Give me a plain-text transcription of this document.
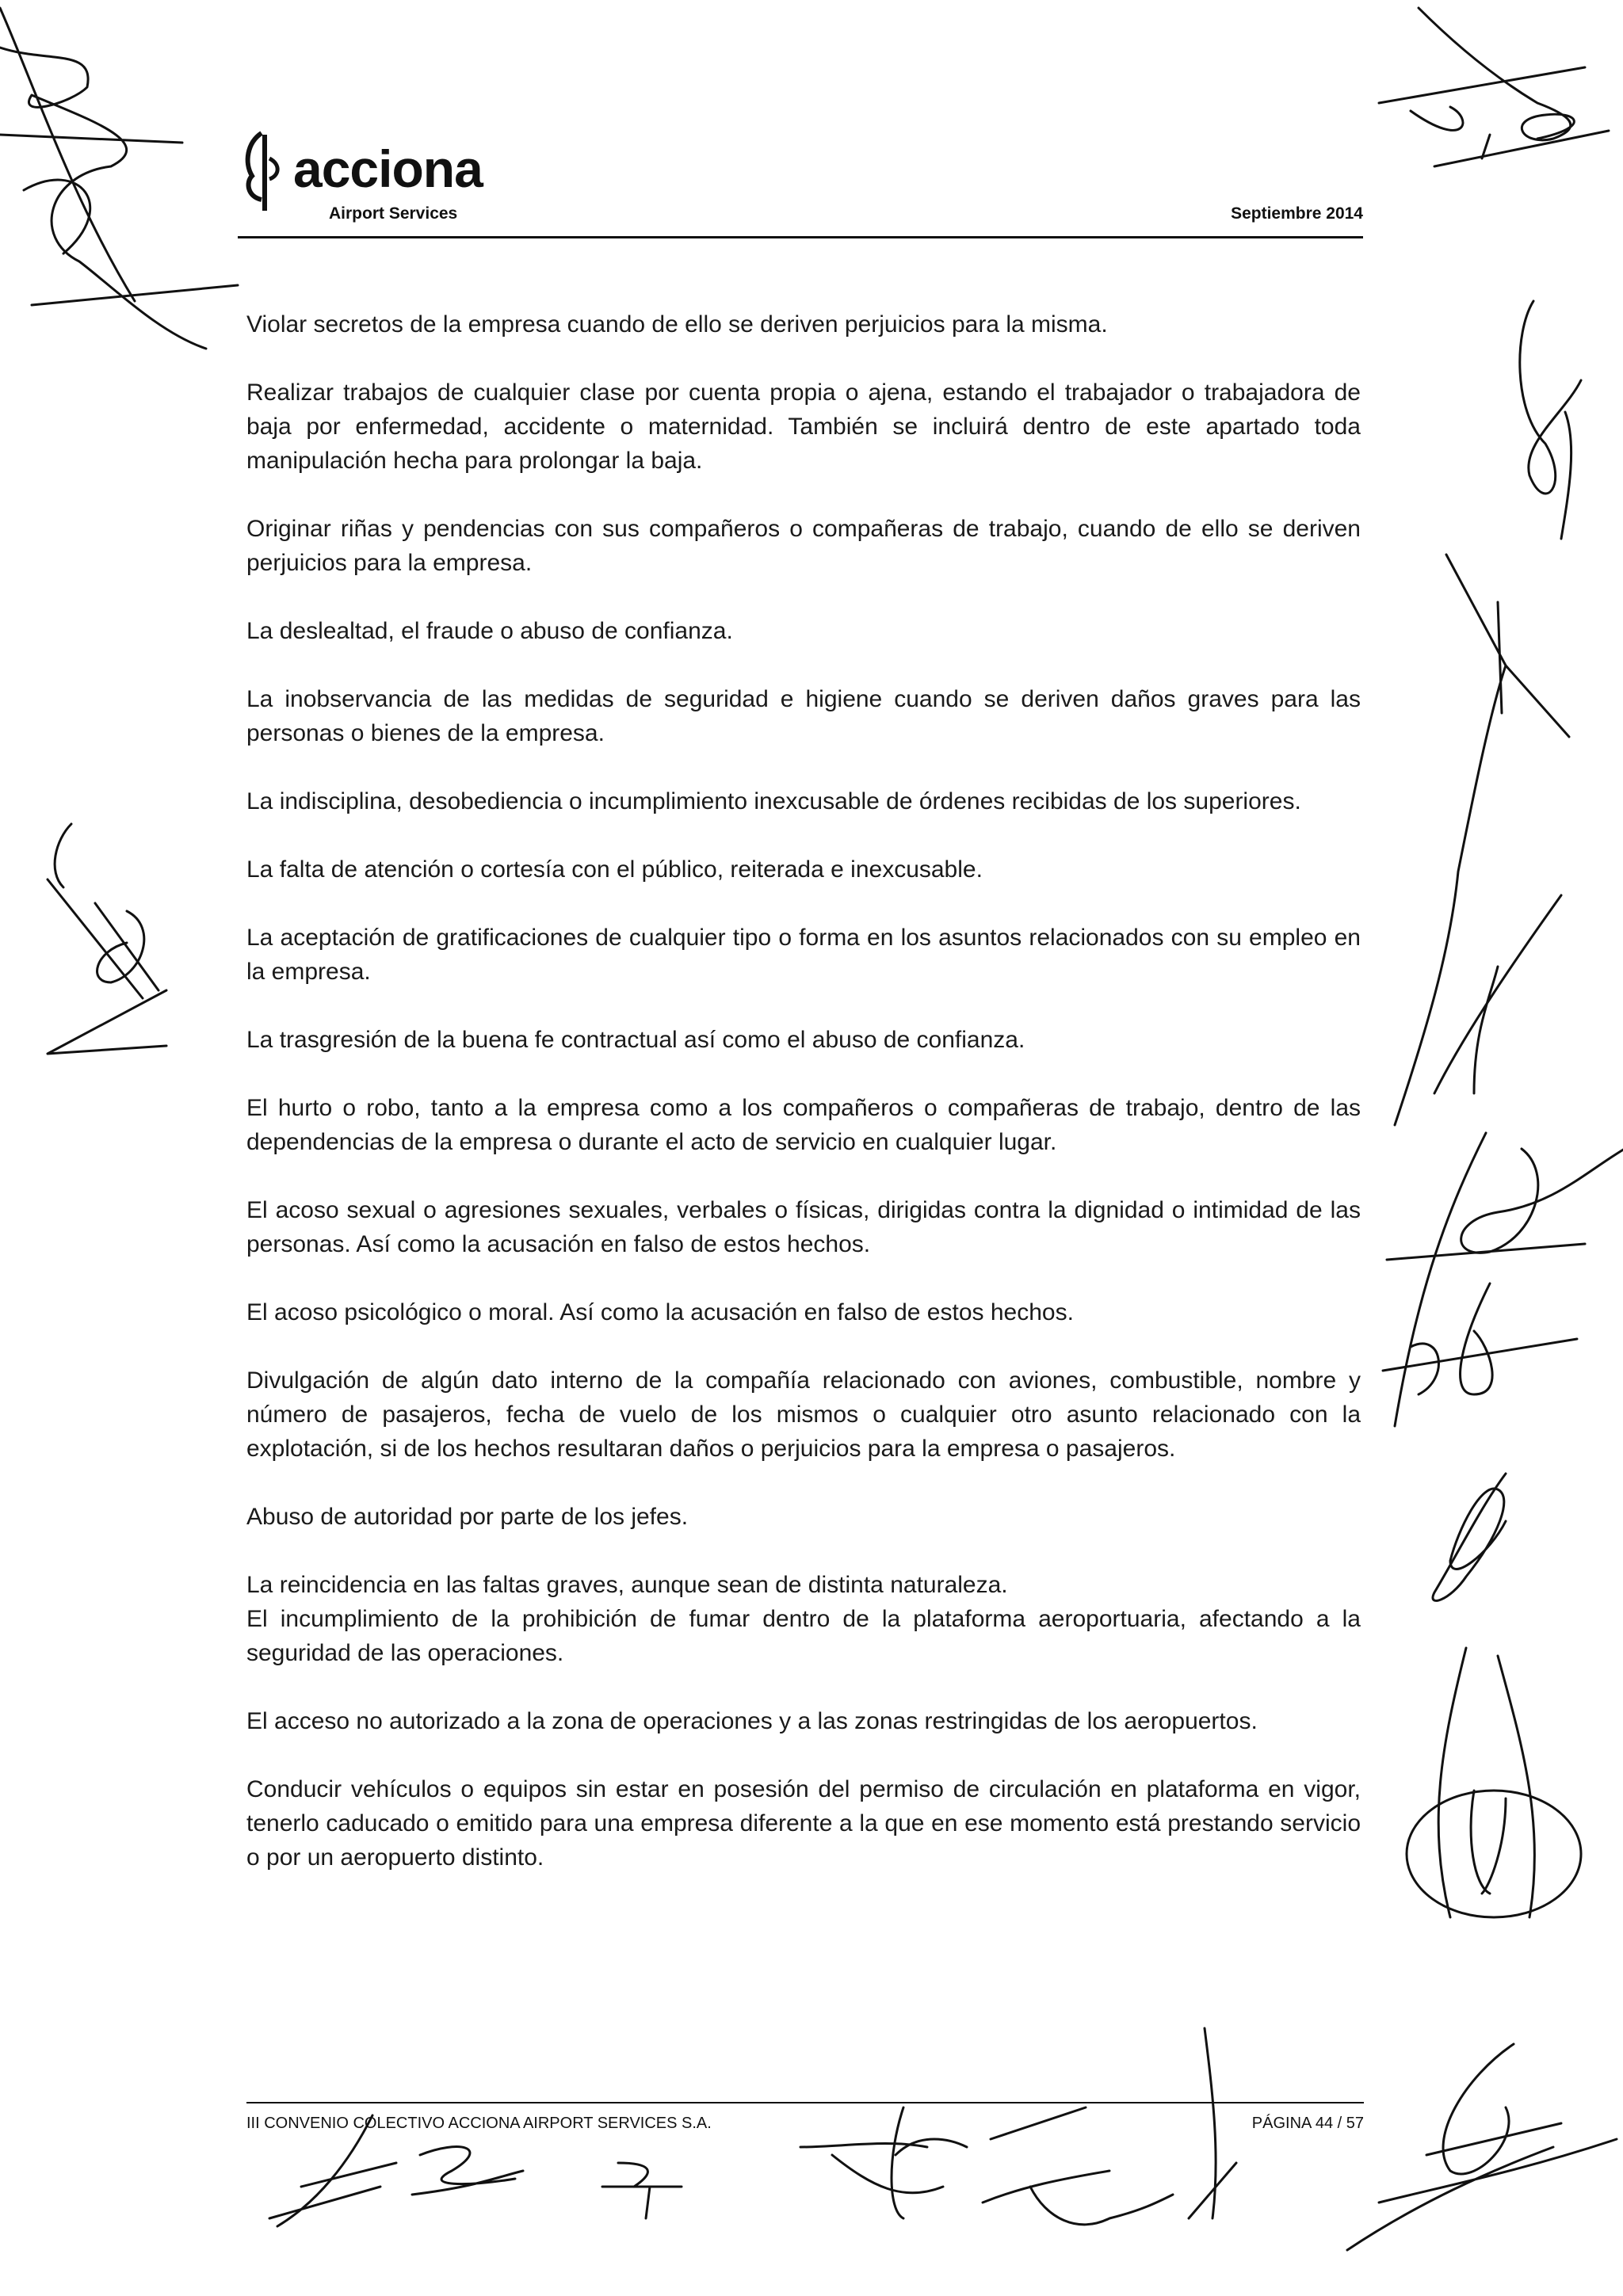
acciona
Airport Services	Septiembre 2014

Violar secretos de la empresa cuando de ello se deriven perjuicios para la misma.

Realizar trabajos de cualquier clase por cuenta propia o ajena, estando el trabajador o trabajadora de baja por enfermedad, accidente o maternidad. También se incluirá dentro de este apartado toda manipulación hecha para prolongar la baja.

Originar riñas y pendencias con sus compañeros o compañeras de trabajo, cuando de ello se deriven perjuicios para la empresa.

La deslealtad, el fraude o abuso de confianza.

La inobservancia de las medidas de seguridad e higiene cuando se deriven daños graves para las personas o bienes de la empresa.

La indisciplina, desobediencia o incumplimiento inexcusable de órdenes recibidas de los superiores.

La falta de atención o cortesía con el público, reiterada e inexcusable.

La aceptación de gratificaciones de cualquier tipo o forma en los asuntos relacionados con su empleo en la empresa.

La trasgresión de la buena fe contractual así como el abuso de confianza.

El hurto o robo, tanto a la empresa como a los compañeros o compañeras de trabajo, dentro de las dependencias de la empresa o durante el acto de servicio en cualquier lugar.

El acoso sexual o agresiones sexuales, verbales o físicas, dirigidas contra la dignidad o intimidad de las personas. Así como la acusación en falso de estos hechos.

El acoso psicológico o moral. Así como la acusación en falso de estos hechos.

Divulgación de algún dato interno de la compañía relacionado con aviones, combustible, nombre y número de pasajeros, fecha de vuelo de los mismos o cualquier otro asunto relacionado con la explotación, si de los hechos resultaran daños o perjuicios para la empresa o pasajeros.

Abuso de autoridad por parte de los jefes.

La reincidencia en las faltas graves, aunque sean de distinta naturaleza.

El incumplimiento de la prohibición de fumar dentro de la plataforma aeroportuaria, afectando a la seguridad de las operaciones.

El acceso no autorizado a la zona de operaciones y a las zonas restringidas de los aeropuertos.

Conducir vehículos o equipos sin estar en posesión del permiso de circulación en plataforma en vigor, tenerlo caducado o emitido para una empresa diferente a la que en ese momento está prestando servicio o por un aeropuerto distinto.

III CONVENIO COLECTIVO ACCIONA AIRPORT SERVICES S.A.	PÁGINA 44 / 57
